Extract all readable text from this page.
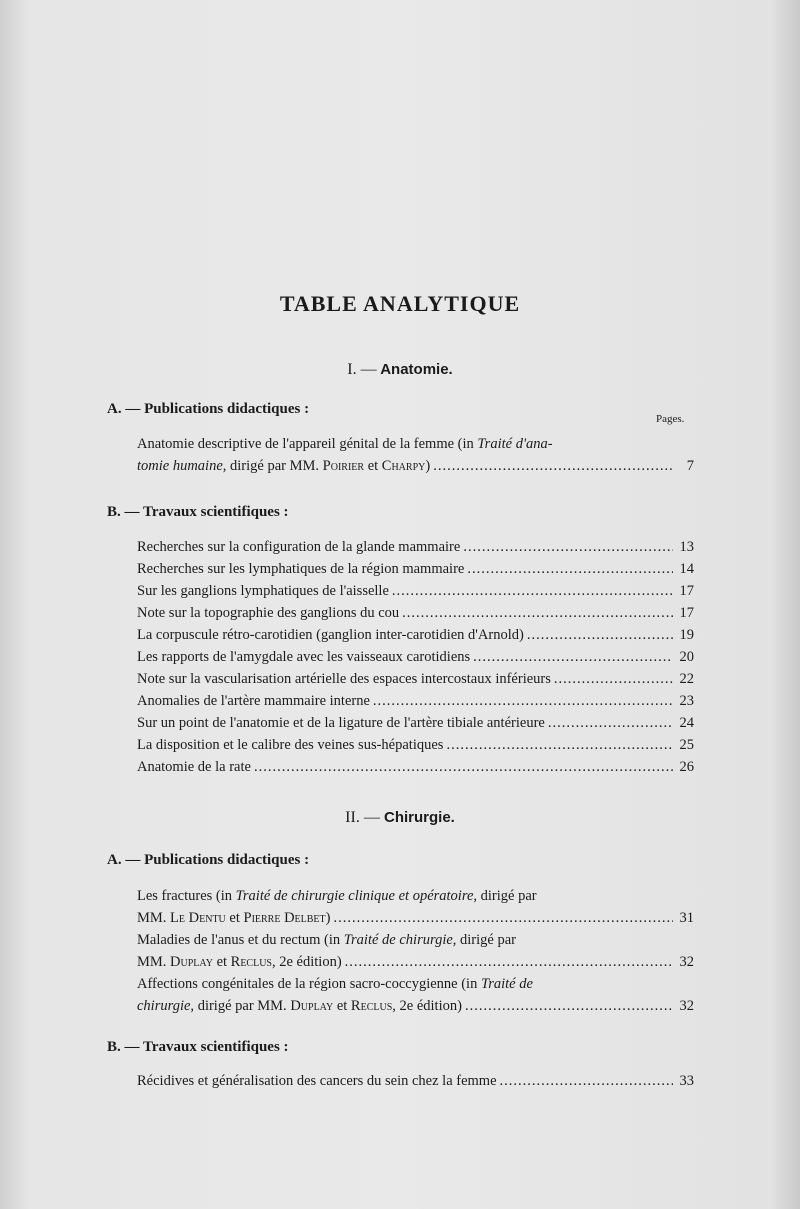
TABLE ANALYTIQUE
I. — Anatomie.
A. — Publications didactiques :
Pages.
Anatomie descriptive de l'appareil génital de la femme (in Traité d'ana-
tomie humaine, dirigé par MM. Poirier et Charpy) .....	7
B. — Travaux scientifiques :
Recherches sur la configuration de la glande mammaire .....	13
Recherches sur les lymphatiques de la région mammaire .....	14
Sur les ganglions lymphatiques de l'aisselle .....	17
Note sur la topographie des ganglions du cou .....	17
La corpuscule rétro-carotidien (ganglion inter-carotidien d'Arnold) .....	19
Les rapports de l'amygdale avec les vaisseaux carotidiens .....	20
Note sur la vascularisation artérielle des espaces intercostaux inférieurs .....	22
Anomalies de l'artère mammaire interne .....	23
Sur un point de l'anatomie et de la ligature de l'artère tibiale antérieure .....	24
La disposition et le calibre des veines sus-hépatiques .....	25
Anatomie de la rate .....	26
II. — Chirurgie.
A. — Publications didactiques :
Les fractures (in Traité de chirurgie clinique et opératoire, dirigé par
MM. Le Dentu et Pierre Delbet) .....	31
Maladies de l'anus et du rectum (in Traité de chirurgie, dirigé par
MM. Duplay et Reclus, 2e édition) .....	32
Affections congénitales de la région sacro-coccygienne (in Traité de
chirurgie, dirigé par MM. Duplay et Reclus, 2e édition) .....	32
B. — Travaux scientifiques :
Récidives et généralisation des cancers du sein chez la femme .....	33
